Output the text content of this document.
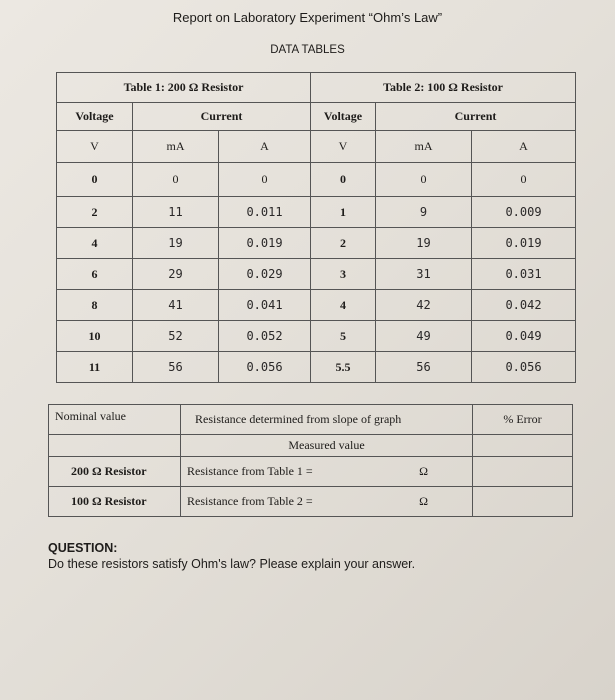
Report on Laboratory Experiment “Ohm’s Law”
DATA TABLES
Table 1: 200 Ω Resistor			Table 2: 100 Ω Resistor		
Voltage	Current		Voltage	Current	
V	mA	A	V	mA	A
0	0	0	0	0	0
2	11	0.011	1	9	0.009
4	19	0.019	2	19	0.019
6	29	0.029	3	31	0.031
8	41	0.041	4	42	0.042
10	52	0.052	5	49	0.049
11	56	0.056	5.5	56	0.056
Nominal value	Resistance determined from slope of graph	% Error
	Measured value	
200 Ω Resistor	Resistance from Table 1 = Ω	

100 Ω Resistor	Resistance from Table 2 = Ω	

QUESTION:
Do these resistors satisfy Ohm's law? Please explain your answer.
